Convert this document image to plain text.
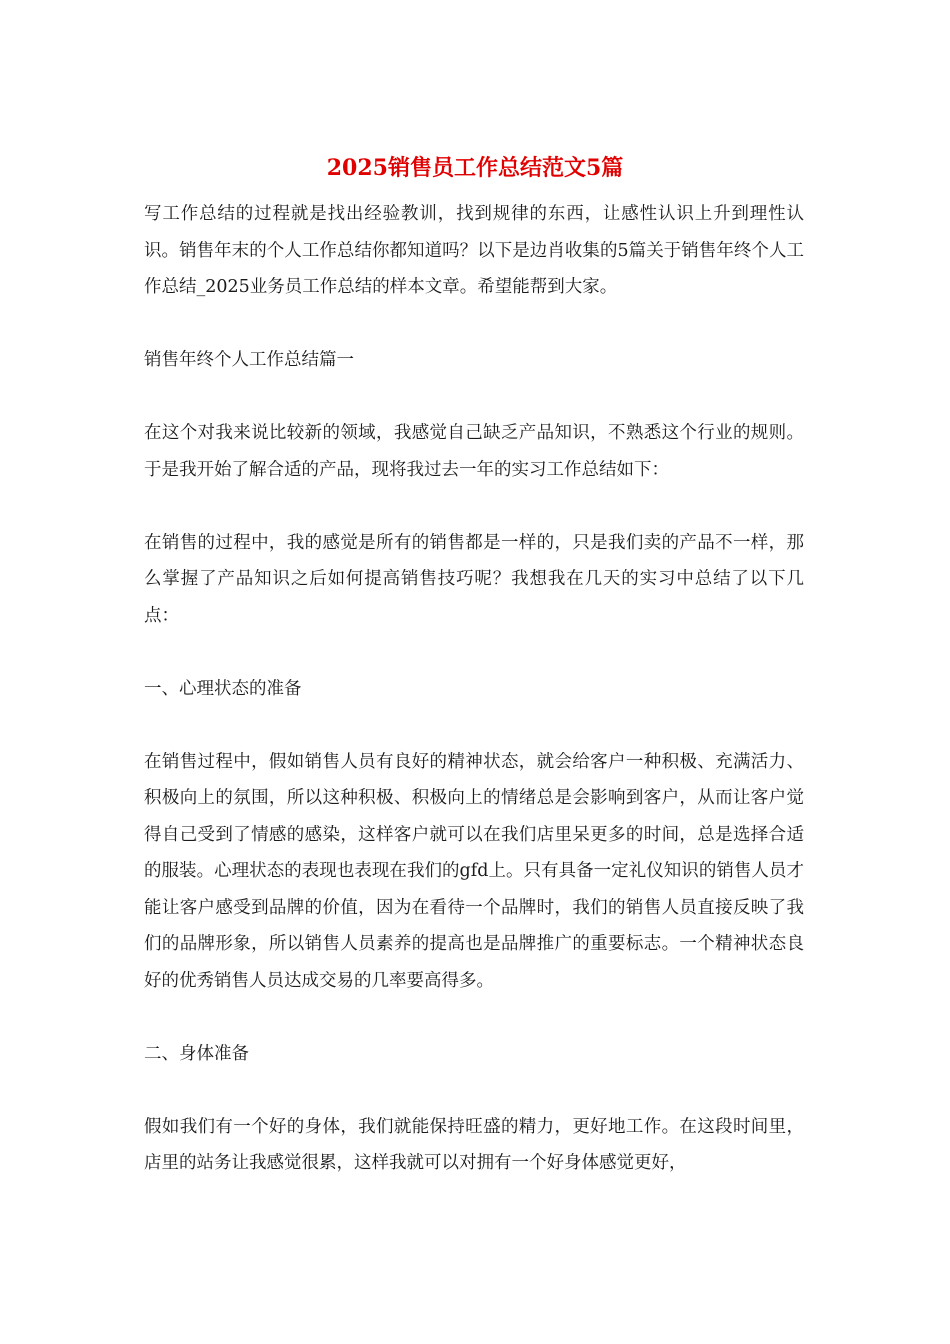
2025销售员工作总结范文5篇

写工作总结的过程就是找出经验教训，找到规律的东西，让感性认识上升到理性认识。销售年末的个人工作总结你都知道吗？以下是边肖收集的5篇关于销售年终个人工作总结_2025业务员工作总结的样本文章。希望能帮到大家。

销售年终个人工作总结篇一

在这个对我来说比较新的领域，我感觉自己缺乏产品知识，不熟悉这个行业的规则。于是我开始了解合适的产品，现将我过去一年的实习工作总结如下：

在销售的过程中，我的感觉是所有的销售都是一样的，只是我们卖的产品不一样，那么掌握了产品知识之后如何提高销售技巧呢？我想我在几天的实习中总结了以下几点：

一、心理状态的准备

在销售过程中，假如销售人员有良好的精神状态，就会给客户一种积极、充满活力、积极向上的氛围，所以这种积极、积极向上的情绪总是会影响到客户，从而让客户觉得自己受到了情感的感染，这样客户就可以在我们店里呆更多的时间，总是选择合适的服装。心理状态的表现也表现在我们的gfd上。只有具备一定礼仪知识的销售人员才能让客户感受到品牌的价值，因为在看待一个品牌时，我们的销售人员直接反映了我们的品牌形象，所以销售人员素养的提高也是品牌推广的重要标志。一个精神状态良好的优秀销售人员达成交易的几率要高得多。

二、身体准备

假如我们有一个好的身体，我们就能保持旺盛的精力，更好地工作。在这段时间里，店里的站务让我感觉很累，这样我就可以对拥有一个好身体感觉更好，
